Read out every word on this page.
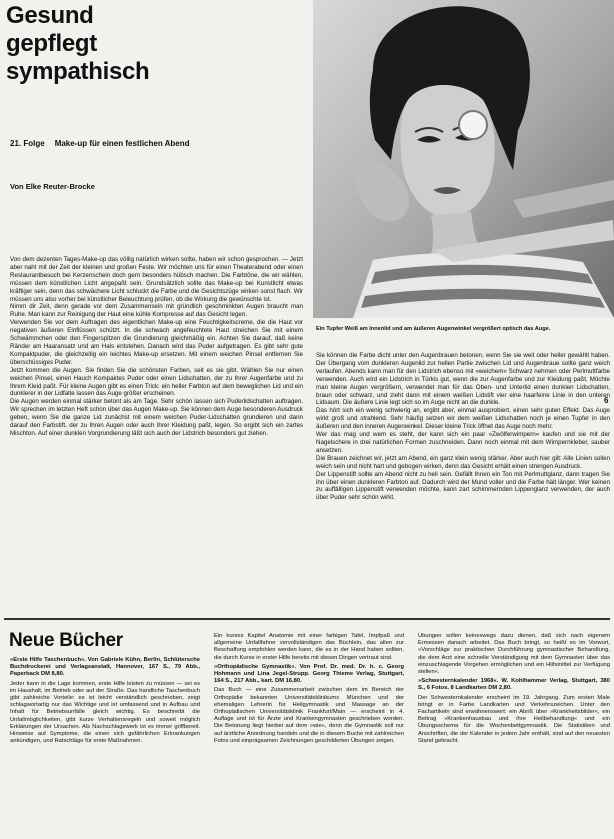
Gesund
gepflegt
sympathisch
21. Folge Make-up für einen festlichen Abend
Von Elke Reuter-Brocke
Ein Tupfer Weiß am Innenlid und am äußeren Augenwinkel vergrößert optisch das Auge.

Von dem dezenten Tages-Make-up das völlig natürlich wirken sollte, haben wir schon gesprochen. — Jetzt aber naht mit der Zeit der kleinen und großen Feste. Wir möchten uns für einen Theaterabend oder einen Restaurantbesuch bei Kerzenschein doch gern besonders hübsch machen. Die Farbtöne, die wir wählen, müssen dem künstlichen Licht angepaßt sein. Grundsätzlich sollte das Make-up bei Kunstlicht etwas kräftiger sein, denn das schwächere Licht schluckt die Farbe und die Gesichtszüge wirken sonst flach. Wir müssen uns also vorher bei künstlicher Beleuchtung prüfen, ob die Wirkung die gewünschte ist.

Nimm dir Zeit, denn gerade vor dem Zusammensein mit gründlich geschminkten Augen braucht man Ruhe. Man kann zur Reinigung der Haut eine kühle Kompresse auf das Gesicht legen.

Verwenden Sie vor dem Auftragen des eigentlichen Make-up eine Feuchtigkeitscreme, die die Haut vor negativen äußeren Einflüssen schützt. In die schwach angefeuchtete Haut streichen Sie mit einem Schwämmchen oder den Fingerspitzen die Grundierung gleichmäßig ein. Achten Sie darauf, daß keine Ränder am Haaransatz und am Hals entstehen. Danach wird das Puder aufgetragen. Es gibt sehr gute Kompaktpuder, die gleichzeitig ein leichtes Make-up ersetzen. Mit einem weichen Pinsel entfernen Sie überschüssiges Puder.

Jetzt kommen die Augen. Sie finden Sie die schönsten Farben, seit es sie gibt. Wählen Sie nur einen weichen Pinsel, einen Hauch Kompaktes Puder oder einen Lidschatten, der zu Ihrer Augenfarbe und zu Ihrem Kleid paßt. Für kleine Augen gibt es einen Trick: ein heller Farbton auf dem beweglichen Lid und ein dunklerer in der Lidfalte lassen das Auge größer erscheinen.

Die Augen werden einmal stärker betont als am Tage. Sehr schön lassen sich Puderlidschatten auftragen. Wir sprechen im letzten Heft schon über das Augen Make-up. Sie können dem Auge besonderen Ausdruck geben, wenn Sie die ganze Lid zunächst mit einem weichen Puder-Lidschatten grundieren und dann darauf den Farbstift, der zu Ihren Augen oder auch Ihrer Kleidung paßt, legen. So ergibt sich ein zartes Mischton. Auf einer dunklen Vorgrundierung läßt sich auch der Lidstrich besonders gut ziehen.

Sie können die Farbe dicht unter den Augenbrauen betonen, wenn Sie sie weit oder heller gewählt haben. Der Übergang vom dunkleren Augenlid zur hellen Partie zwischen Lid und Augenbraue sollte ganz weich verlaufen. Abends kann man für den Lidstrich ebenso mit »weichem« Schwarz nehmen oder Perlmuttfarbe verwenden. Auch wird ein Lidstrich in Türkis gut, wenn die zur Augenfarbe und zur Kleidung paßt. Möchte man kleine Augen vergrößern, verwendet man für das Oben- und Unterlid einen dunklen Lidschatten, braun oder schwarz, und zieht dann mit einem weißen Lidstift vier eine haarfeine Linie in den unteren Lidsaum. Die äußere Linie legt sich so im Auge nicht an die dunkle.

Das hört sich ein wenig schwierig an, ergibt aber, einmal ausprobiert, einen sehr guten Effekt. Das Auge wirkt groß und strahlend. Sehr häufig setzen wir dem weißen Lidschatten noch je einen Tupfer in den äußeren und den inneren Augenwinkel. Dieser kleine Trick öffnet das Auge noch mehr.

Wer das mag und wem es steht, der kann sich ein paar »Zwölferwimpern« kaufen und sie mit der Nagelschere in drei natürlichen Formen zuschneiden. Dann noch einmal mit dem Wimpernkleber, sauber ansetzen.

Die Brauen zeichnet wir, jetzt am Abend, ein ganz klein wenig stärker. Aber auch hier gilt: Alle Linien sollen weich sein und nicht hart und gebogen wirken, denn das Gesicht erhält einen strengen Ausdruck.

Der Lippenstift sollte am Abend nicht zu hell sein. Gefällt Ihnen ein Ton mit Perlmuttglanz, dann tragen Sie ihn über einen dunkleren Farbton auf. Dadurch wird der Mund voller und die Farbe hält länger. Wer keinen zu auffälligen Lippenstift verwenden möchte, kann zart schimmernden Lippenglanz verwenden, der auch über Puder sehr schön wirkt.

6
Neue Bücher

»Erste Hilfe Taschenbuch«. Von Gabriele Kühn, Berlin, Schlütersche Buchdruckerei und Verlagsanstalt, Hannover, 167 S., 79 Abb., Paperback DM 8,80.

Jeder kann in die Lage kommen, erste Hilfe leisten zu müssen — sei es im Haushalt, im Betrieb oder auf der Straße. Das handliche Taschenbuch gibt zahlreiche Vorteile: es ist leicht verständlich geschrieben, zeigt schlagwortartig nur das Wichtige und ist umfassend und in Aufbau und Inhalt für Betriebsunfälle gleich wichtig. Es beschreibt die Unfallmöglichkeiten, gibt kurze Verhaltensregeln und soweit möglich Erklärungen der Ursachen. Als Nachschlagewerk ist es immer griffbereit. Hinweise auf Symptome, die einen sich gefährlichen Erkrankungen ankündigen, und Ratschläge für erste Maßnahmen.

Ein kurzes Kapitel Anatomie mit einer farbigen Tafel, Impfpaß und allgemeine Unfallfahrer vervollständigen das Büchlein, das allen zur Beschaffung empfohlen werden kann, die es in der Hand haben sollten, die durch Kurse in erster Hilfe bereits mit diesen Dingen vertraut sind.

»Orthopädische Gymnastik«. Von Prof. Dr. med. Dr. h. c. Georg Hohmann und Lina Jegel-Strupp. Georg Thieme Verlag, Stuttgart, 164 S., 217 Abb., kart. DM 16,80.

Das Buch — eine Zusammenarbeit zwischen dem im Bereich der Orthopädie bekannten Universitätsklinikums München und der ehemaligen Lehrerin für Heilgymnastik und Massage an der Orthopädischen Universitätsklinik Frankfurt/Main — erscheint in 4. Auflage und ist für Ärzte und Krankengymnasten geschrieben worden. Die Betonung liegt hierbei auf dem »wie«, denn die Gymnastik soll nur auf ärztliche Anordnung handeln und die in diesem Buche mit zahlreichen Fotos und einprägsamen Zeichnungen geschilderten Übungen zeigen.

Übungen sollen keineswegs dazu dienen, daß sich nach eigenem Ermessen danach arbeitet. Das Buch bringt, so heißt es im Vorwort, »Vorschläge zur praktischen Durchführung gymnastischer Behandlung, die dem Arzt eine schnelle Verständigung mit dem Gymnasten über das einzuschlagende Vorgehen ermöglichen und ein Hilfsmittel zur Verfügung stellen«.

»Schwesternkalender 1968«. W. Kohlhammer Verlag, Stuttgart, 380 S., 6 Fotos, 8 Landkarten DM 2,80.

Der Schwesternkalender erscheint im 19. Jahrgang. Zum ersten Male bringt er in Farbe Landkarten und Verkehrszeichen. Unter den Fachartikeln sind erwähnenswert: ein Abriß über »Krankheitsbilder«, ein Beitrag »Krankenhausbau und ihre Heilbehandlung« und ein Übungsschema für die Wochenbettgymnastik. Die Statistiken und Anschriften, die der Kalender in jedem Jahr enthält, sind auf den neuesten Stand gebracht.
